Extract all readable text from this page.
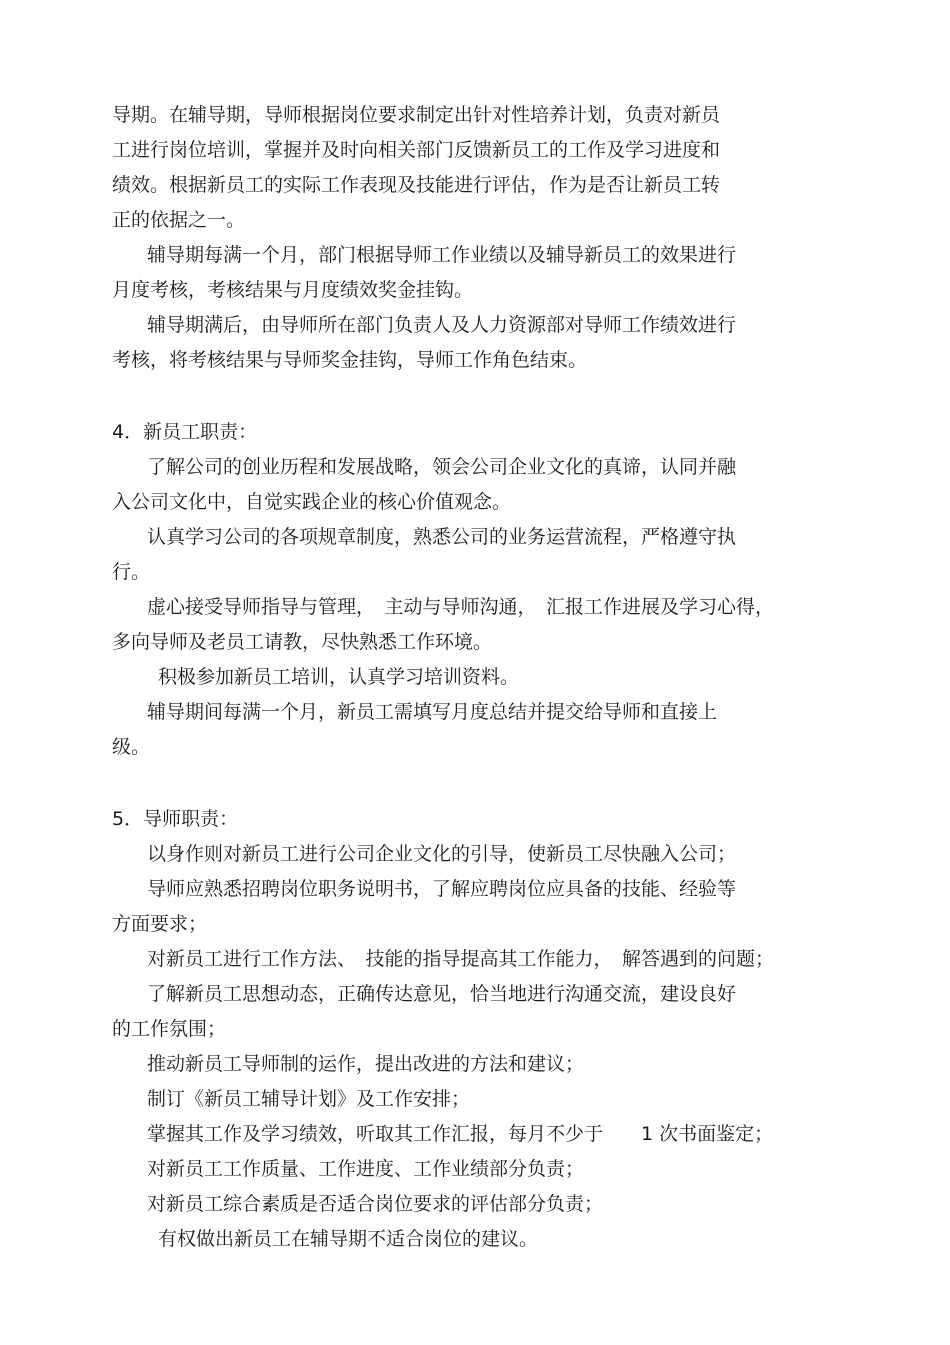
导期。在辅导期，导师根据岗位要求制定出针对性培养计划，负责对新员
工进行岗位培训，掌握并及时向相关部门反馈新员工的工作及学习进度和
绩效。根据新员工的实际工作表现及技能进行评估，作为是否让新员工转
正的依据之一。
辅导期每满一个月，部门根据导师工作业绩以及辅导新员工的效果进行
月度考核，考核结果与月度绩效奖金挂钩。
辅导期满后，由导师所在部门负责人及人力资源部对导师工作绩效进行
考核，将考核结果与导师奖金挂钩，导师工作角色结束。
4．新员工职责：
了解公司的创业历程和发展战略，领会公司企业文化的真谛，认同并融
入公司文化中，自觉实践企业的核心价值观念。
认真学习公司的各项规章制度，熟悉公司的业务运营流程，严格遵守执
行。
虚心接受导师指导与管理，　主动与导师沟通，　汇报工作进展及学习心得，
多向导师及老员工请教，尽快熟悉工作环境。
积极参加新员工培训，认真学习培训资料。
辅导期间每满一个月，新员工需填写月度总结并提交给导师和直接上
级。
5．导师职责：
以身作则对新员工进行公司企业文化的引导，使新员工尽快融入公司；
导师应熟悉招聘岗位职务说明书，了解应聘岗位应具备的技能、经验等
方面要求；
对新员工进行工作方法、　技能的指导提高其工作能力，　解答遇到的问题；
了解新员工思想动态，正确传达意见，恰当地进行沟通交流，建设良好
的工作氛围；
推动新员工导师制的运作，提出改进的方法和建议；
制订《新员工辅导计划》及工作安排；
掌握其工作及学习绩效，听取其工作汇报，每月不少于　　1 次书面鉴定；
对新员工工作质量、工作进度、工作业绩部分负责；
对新员工综合素质是否适合岗位要求的评估部分负责；
有权做出新员工在辅导期不适合岗位的建议。
